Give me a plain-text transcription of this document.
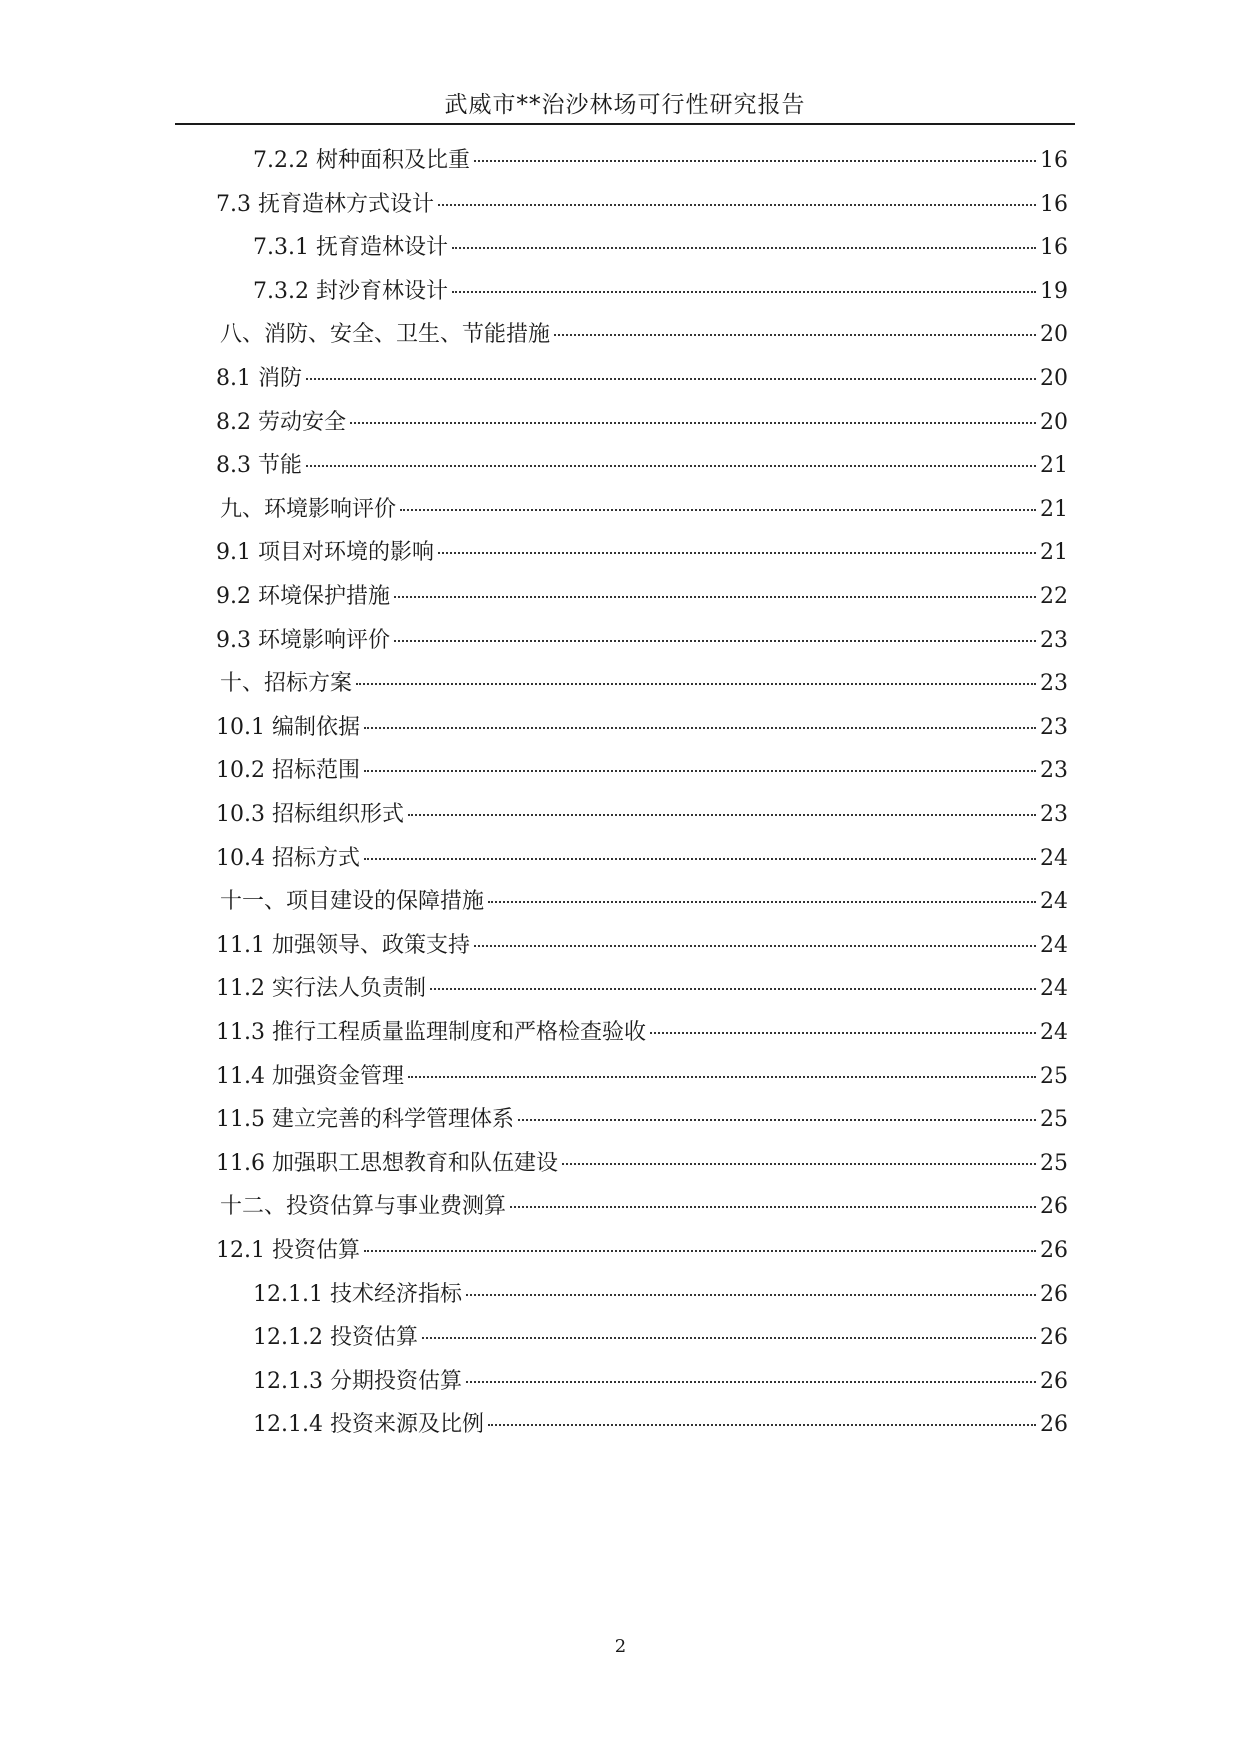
武威市**治沙林场可行性研究报告
7.2.2 树种面积及比重	16
7.3 抚育造林方式设计	16
7.3.1 抚育造林设计	16
7.3.2 封沙育林设计	19
八、消防、安全、卫生、节能措施	20
8.1 消防	20
8.2 劳动安全	20
8.3 节能	21
九、环境影响评价	21
9.1 项目对环境的影响	21
9.2 环境保护措施	22
9.3 环境影响评价	23
十、招标方案	23
10.1 编制依据	23
10.2 招标范围	23
10.3 招标组织形式	23
10.4 招标方式	24
十一、项目建设的保障措施	24
11.1 加强领导、政策支持	24
11.2 实行法人负责制	24
11.3 推行工程质量监理制度和严格检查验收	24
11.4 加强资金管理	25
11.5 建立完善的科学管理体系	25
11.6 加强职工思想教育和队伍建设	25
十二、投资估算与事业费测算	26
12.1 投资估算	26
12.1.1 技术经济指标	26
12.1.2 投资估算	26
12.1.3 分期投资估算	26
12.1.4 投资来源及比例	26
2
